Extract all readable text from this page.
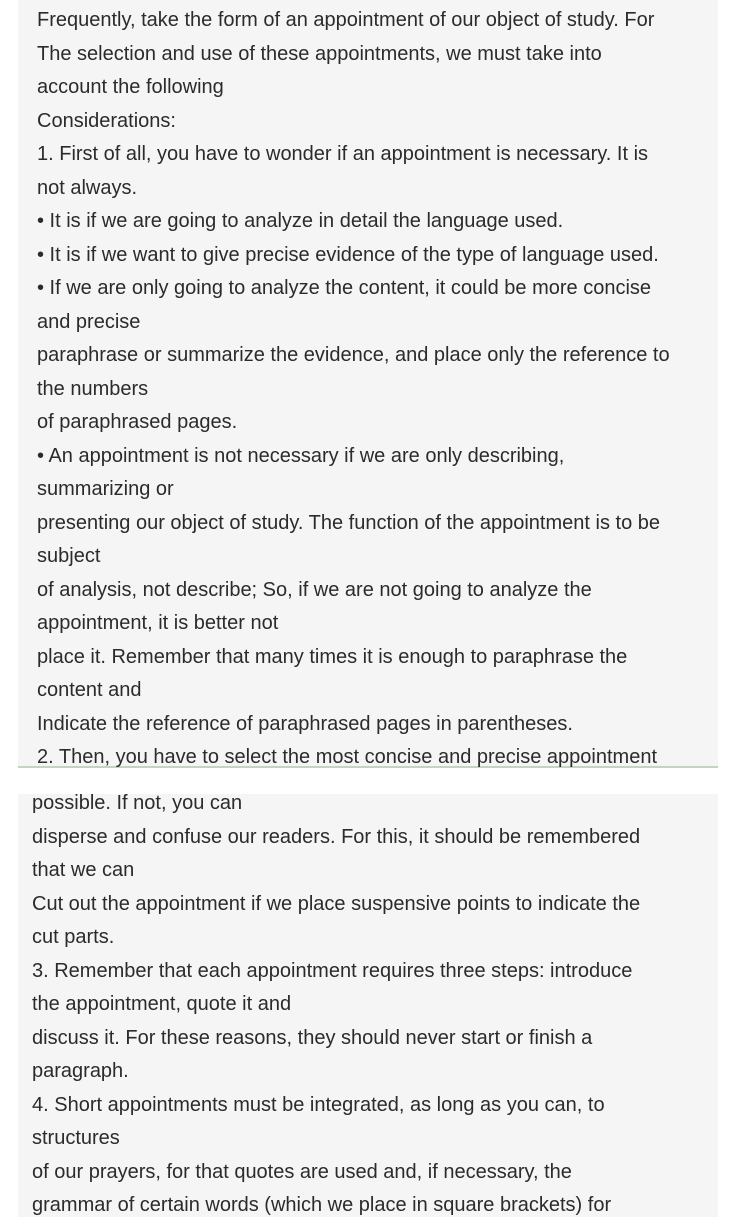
Frequently, take the form of an appointment of our object of study. For
The selection and use of these appointments, we must take into
account the following
Considerations:
1. First of all, you have to wonder if an appointment is necessary. It is
not always.
• It is if we are going to analyze in detail the language used.
• It is if we want to give precise evidence of the type of language used.
• If we are only going to analyze the content, it could be more concise
and precise
paraphrase or summarize the evidence, and place only the reference to
the numbers
of paraphrased pages.
• An appointment is not necessary if we are only describing,
summarizing or
presenting our object of study. The function of the appointment is to be
subject
of analysis, not describe; So, if we are not going to analyze the
appointment, it is better not
place it. Remember that many times it is enough to paraphrase the
content and
Indicate the reference of paraphrased pages in parentheses.
2. Then, you have to select the most concise and precise appointment
possible. If not, you can
disperse and confuse our readers. For this, it should be remembered
that we can
Cut out the appointment if we place suspensive points to indicate the
cut parts.
3. Remember that each appointment requires three steps: introduce
the appointment, quote it and
discuss it. For these reasons, they should never start or finish a
paragraph.
4. Short appointments must be integrated, as long as you can, to
structures
of our prayers, for that quotes are used and, if necessary, the
grammar of certain words (which we place in square brackets) for
